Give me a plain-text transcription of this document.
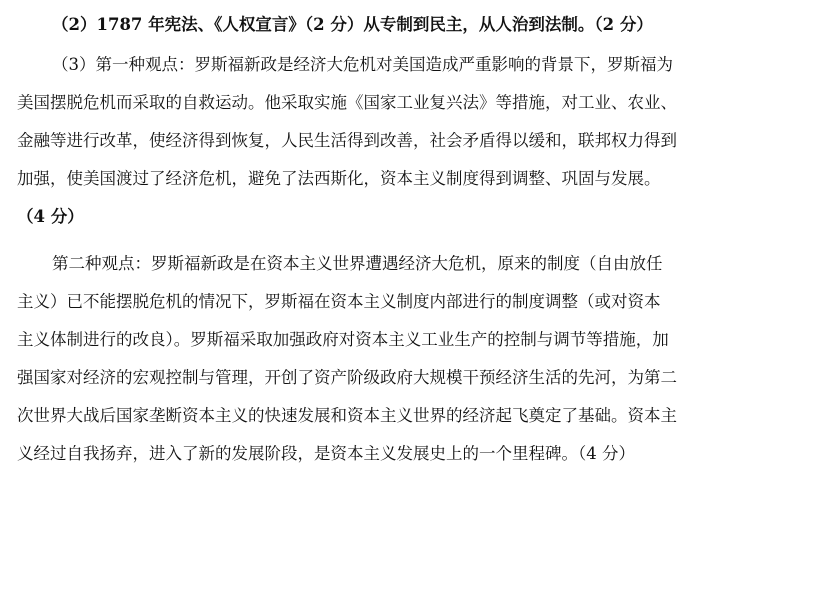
（2）1787 年宪法、《人权宣言》（2 分）从专制到民主，从人治到法制。（2 分）
（3）第一种观点：罗斯福新政是经济大危机对美国造成严重影响的背景下，罗斯福为
美国摆脱危机而采取的自救运动。他采取实施《国家工业复兴法》等措施，对工业、农业、
金融等进行改革，使经济得到恢复，人民生活得到改善，社会矛盾得以缓和，联邦权力得到
加强，使美国渡过了经济危机，避免了法西斯化，资本主义制度得到调整、巩固与发展。
（4 分）
第二种观点：罗斯福新政是在资本主义世界遭遇经济大危机，原来的制度（自由放任
主义）已不能摆脱危机的情况下，罗斯福在资本主义制度内部进行的制度调整（或对资本
主义体制进行的改良）。罗斯福采取加强政府对资本主义工业生产的控制与调节等措施，加
强国家对经济的宏观控制与管理，开创了资产阶级政府大规模干预经济生活的先河，为第二
次世界大战后国家垄断资本主义的快速发展和资本主义世界的经济起飞奠定了基础。资本主
义经过自我扬弃，进入了新的发展阶段，是资本主义发展史上的一个里程碑。（4 分）
